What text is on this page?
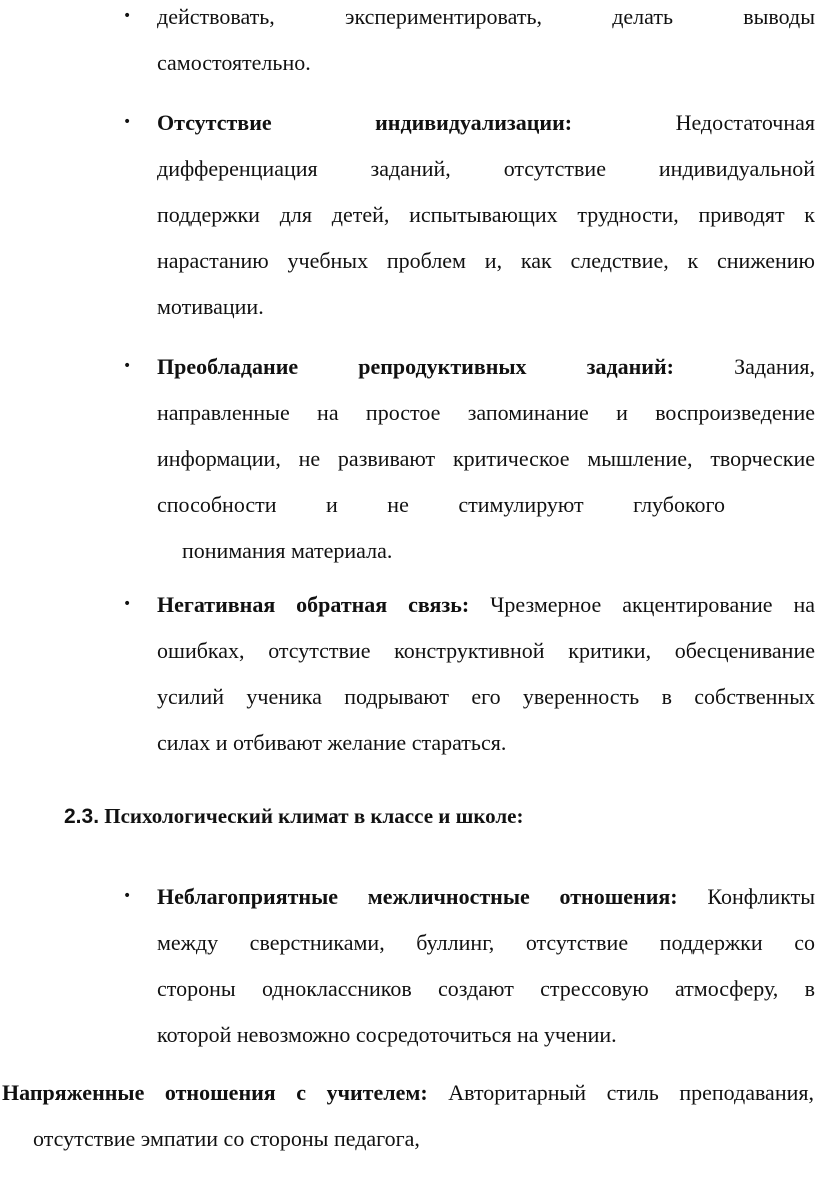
• действовать, экспериментировать, делать выводы
самостоятельно.
• Отсутствие индивидуализации:	Недостаточная
дифференциация заданий, отсутствие индивидуальной
поддержки для детей, испытывающих трудности, приводят к
нарастанию учебных проблем и, как следствие, к снижению
мотивации.
• Преобладание репродуктивных заданий:	Задания,
направленные на простое запоминание и воспроизведение
информации, не развивают критическое мышление, творческие
способности и не стимулируют глубокого
понимания материала.
• Негативная обратная связь: Чрезмерное акцентирование на
ошибках, отсутствие конструктивной критики, обесценивание
усилий ученика подрывают его уверенность в собственных
силах и отбивают желание стараться.
2.3. Психологический климат в классе и школе:
• Неблагоприятные межличностные отношения: Конфликты
между сверстниками, буллинг, отсутствие поддержки со
стороны одноклассников создают стрессовую атмосферу, в
которой невозможно сосредоточиться на учении.
Напряженные отношения с учителем: Авторитарный стиль преподавания,
отсутствие эмпатии со стороны педагога,
